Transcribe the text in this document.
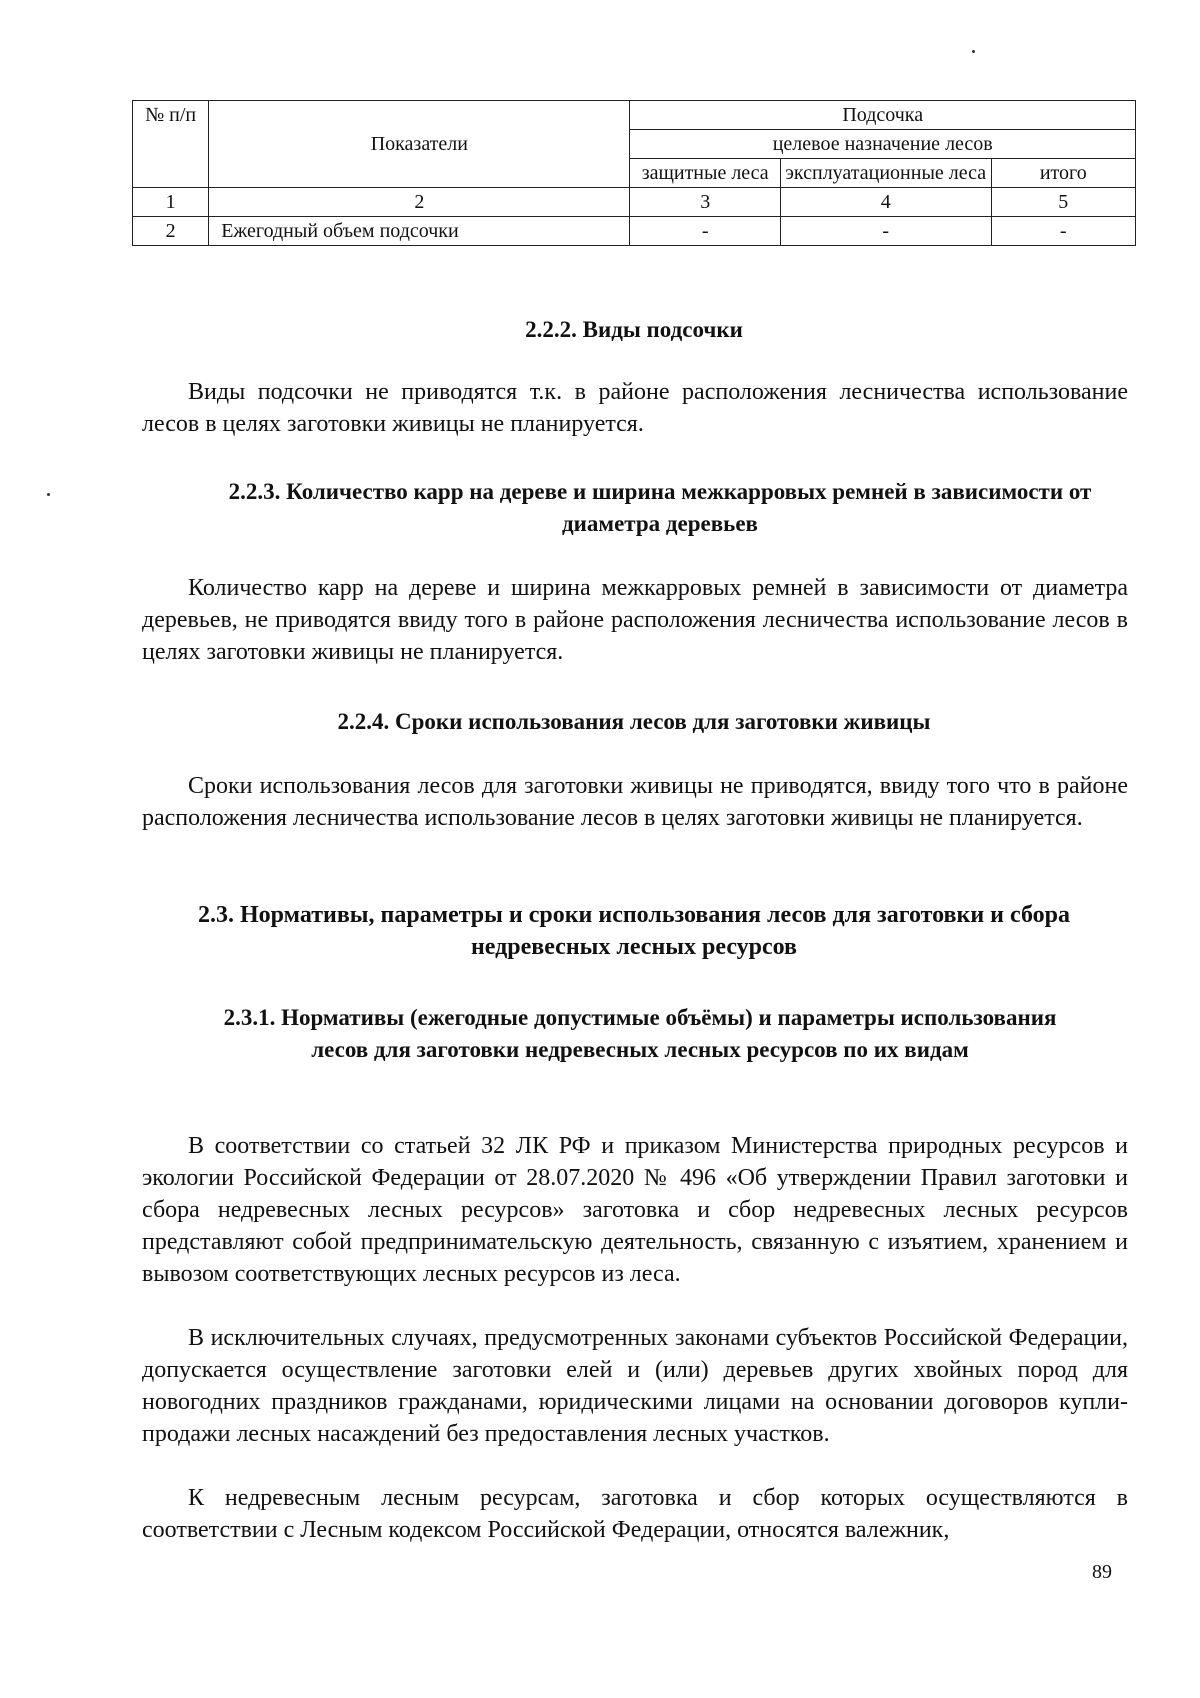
№ п/п	Показатели	Подсочка		
		целевое назначение лесов		
		защитные леса	эксплуатационные леса	итого
1	2	3	4	5
2	Ежегодный объем подсочки	-	-	-
2.2.2. Виды подсочки

Виды подсочки не приводятся т.к. в районе расположения лесничества использование лесов в целях заготовки живицы не планируется.

2.2.3. Количество карр на дереве и ширина межкарровых ремней в зависимости от диаметра деревьев

Количество карр на дереве и ширина межкарровых ремней в зависимости от диаметра деревьев, не приводятся ввиду того в районе расположения лесничества использование лесов в целях заготовки живицы не планируется.

2.2.4. Сроки использования лесов для заготовки живицы

Сроки использования лесов для заготовки живицы не приводятся, ввиду того что в районе расположения лесничества использование лесов в целях заготовки живицы не планируется.

2.3. Нормативы, параметры и сроки использования лесов для заготовки и сбора недревесных лесных ресурсов
2.3.1. Нормативы (ежегодные допустимые объёмы) и параметры использования лесов для заготовки недревесных лесных ресурсов по их видам

В соответствии со статьей 32 ЛК РФ и приказом Министерства природных ресурсов и экологии Российской Федерации от 28.07.2020 № 496 «Об утверждении Правил заготовки и сбора недревесных лесных ресурсов» заготовка и сбор недревесных лесных ресурсов представляют собой предпринимательскую деятельность, связанную с изъятием, хранением и вывозом соответствующих лесных ресурсов из леса.

В исключительных случаях, предусмотренных законами субъектов Российской Федерации, допускается осуществление заготовки елей и (или) деревьев других хвойных пород для новогодних праздников гражданами, юридическими лицами на основании договоров купли-продажи лесных насаждений без предоставления лесных участков.

К недревесным лесным ресурсам, заготовка и сбор которых осуществляются в соответствии с Лесным кодексом Российской Федерации, относятся валежник,

89
